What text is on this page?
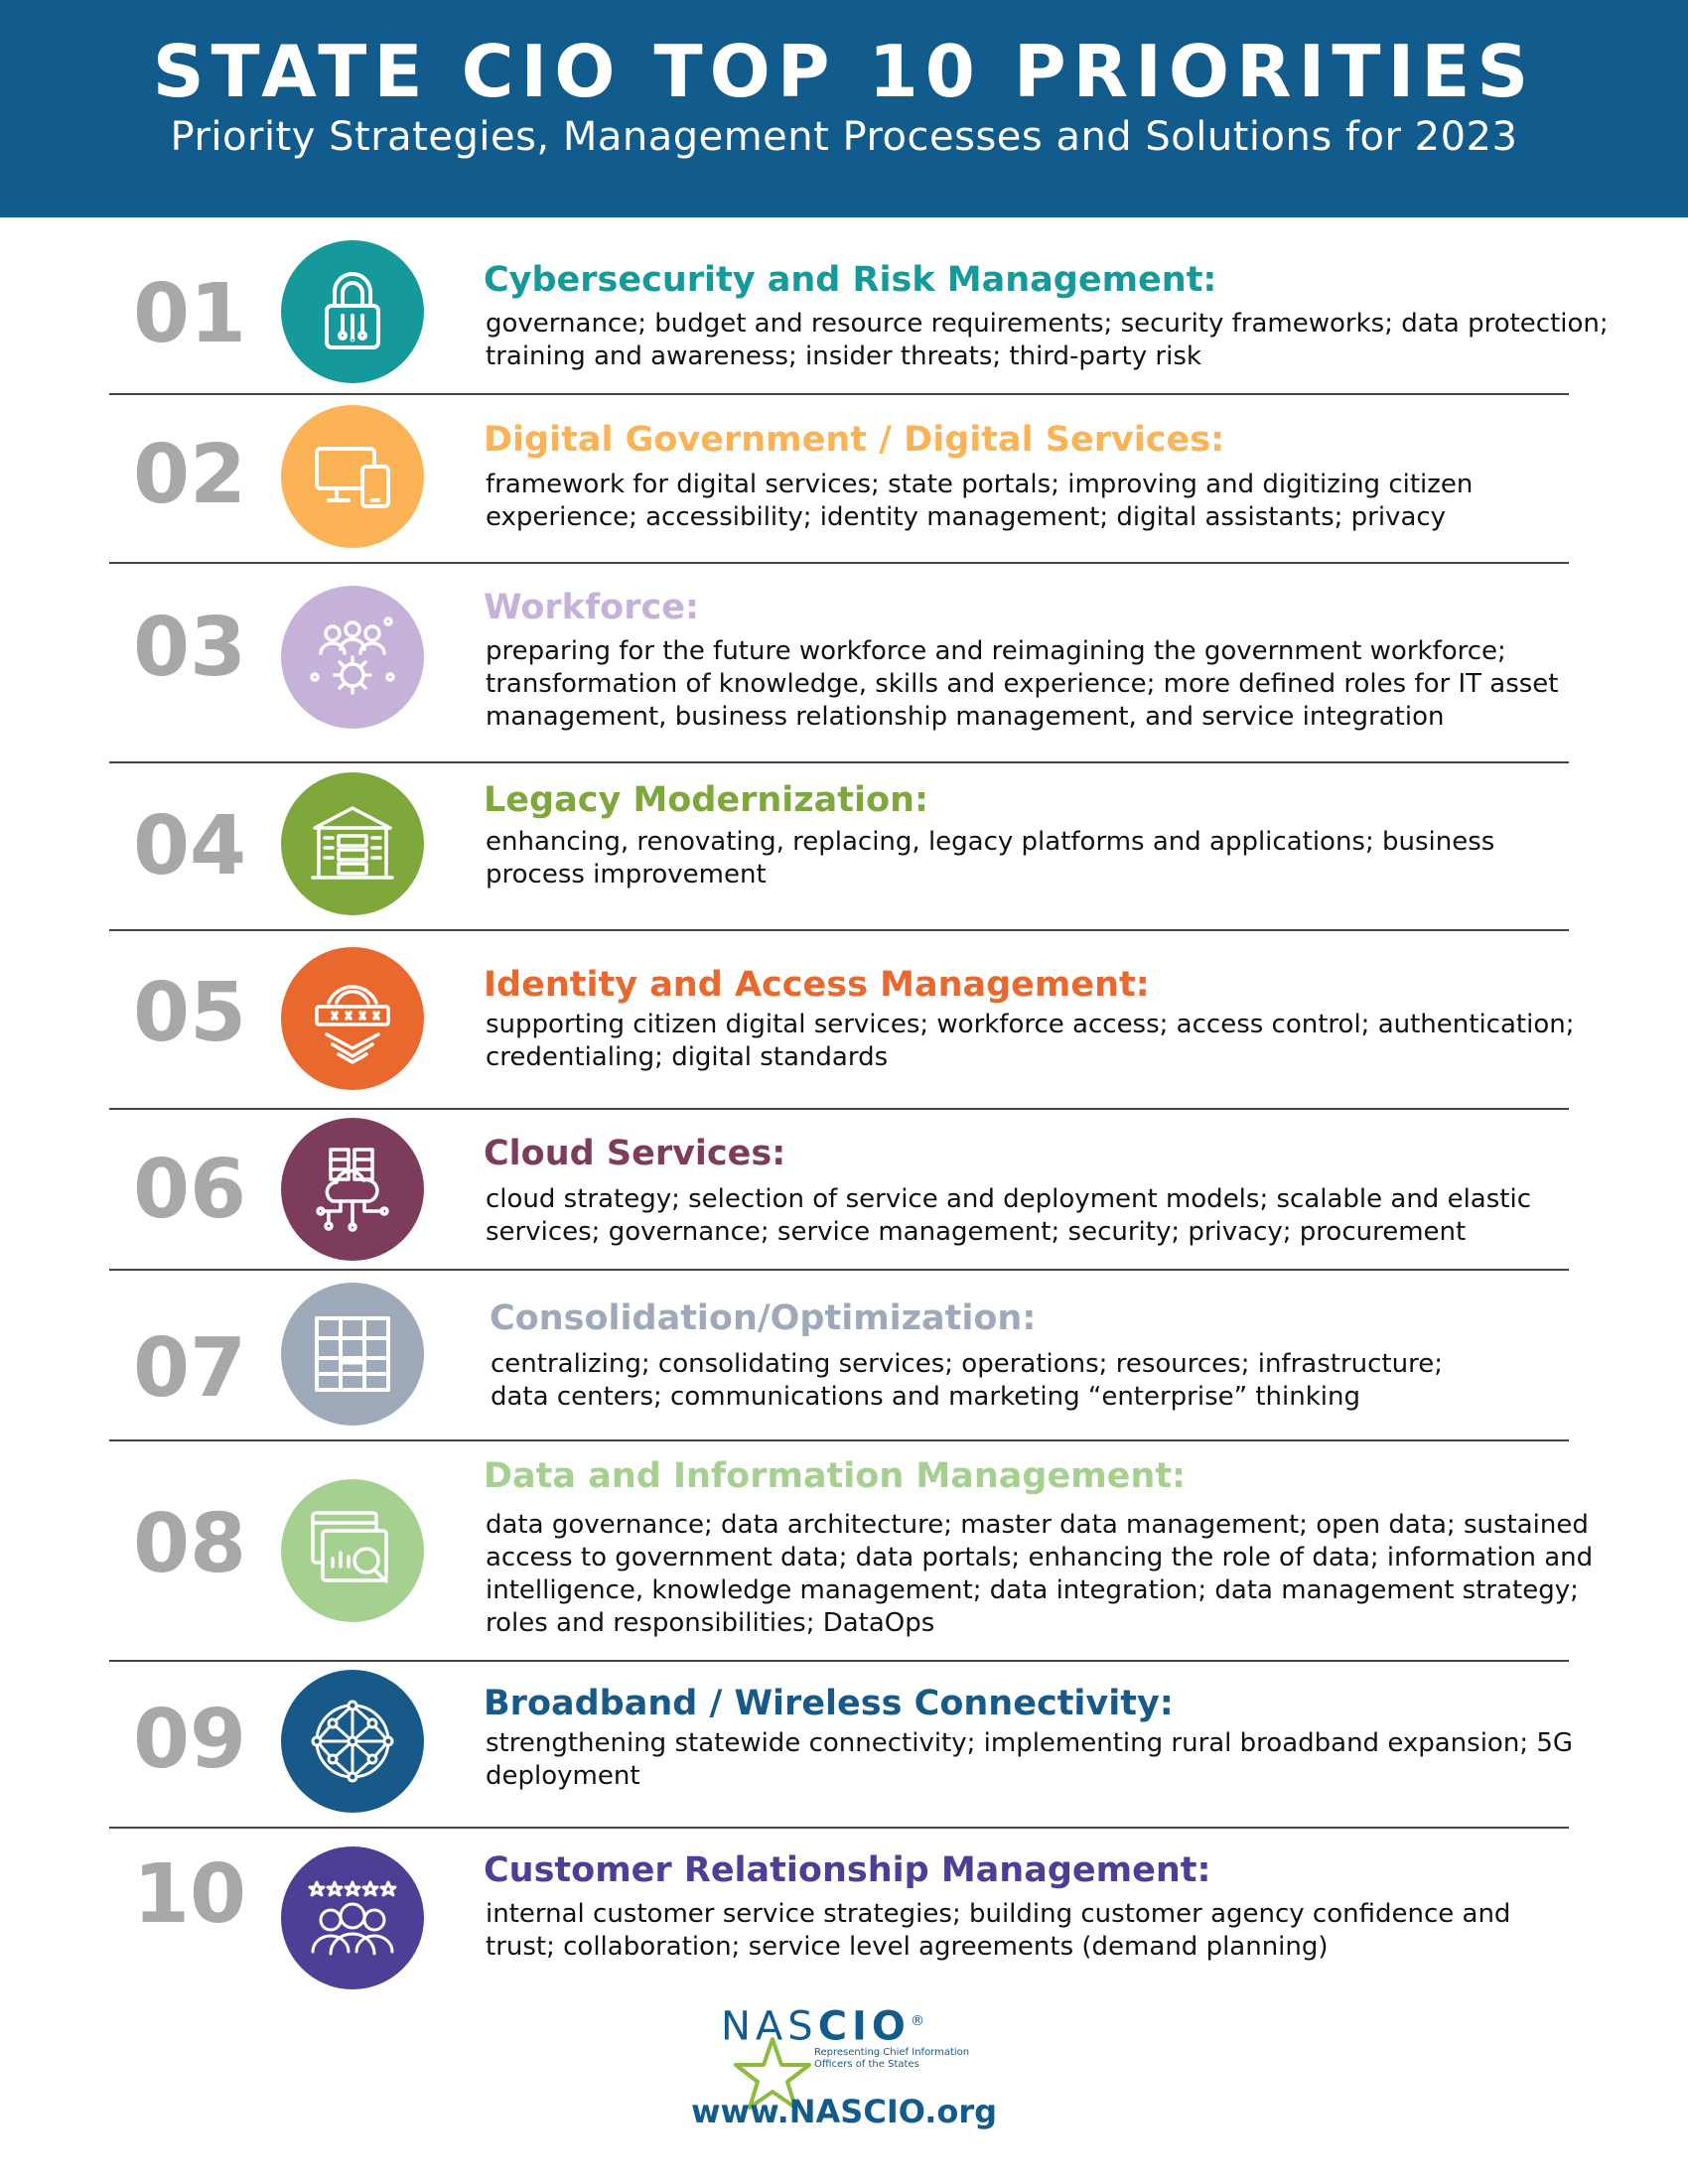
STATE CIO TOP 10 PRIORITIES
Priority Strategies, Management Processes and Solutions for 2023
01	Cybersecurity and Risk Management:
governance; budget and resource requirements; security frameworks; data protection;
training and awareness; insider threats; third-party risk
02	Digital Government / Digital Services:
framework for digital services; state portals; improving and digitizing citizen
experience; accessibility; identity management; digital assistants; privacy
03	Workforce:
preparing for the future workforce and reimagining the government workforce;
transformation of knowledge, skills and experience; more defined roles for IT asset
management, business relationship management, and service integration
04	Legacy Modernization:
enhancing, renovating, replacing, legacy platforms and applications; business
process improvement
05	Identity and Access Management:
supporting citizen digital services; workforce access; access control; authentication;
credentialing; digital standards
06	Cloud Services:
cloud strategy; selection of service and deployment models; scalable and elastic
services; governance; service management; security; privacy; procurement
07
Consolidation/Optimization:
centralizing; consolidating services; operations; resources; infrastructure;
data centers; communications and marketing “enterprise” thinking
08
Data and Information Management:
data governance; data architecture; master data management; open data; sustained
access to government data; data portals; enhancing the role of data; information and
intelligence, knowledge management; data integration; data management strategy;
roles and responsibilities; DataOps
09	Broadband / Wireless Connectivity:
strengthening statewide connectivity; implementing rural broadband expansion; 5G
deployment
10	Customer Relationship Management:
internal customer service strategies; building customer agency confidence and
trust; collaboration; service level agreements (demand planning)
NASCIO®
Representing Chief Information
Officers of the States
www.NASCIO.org
